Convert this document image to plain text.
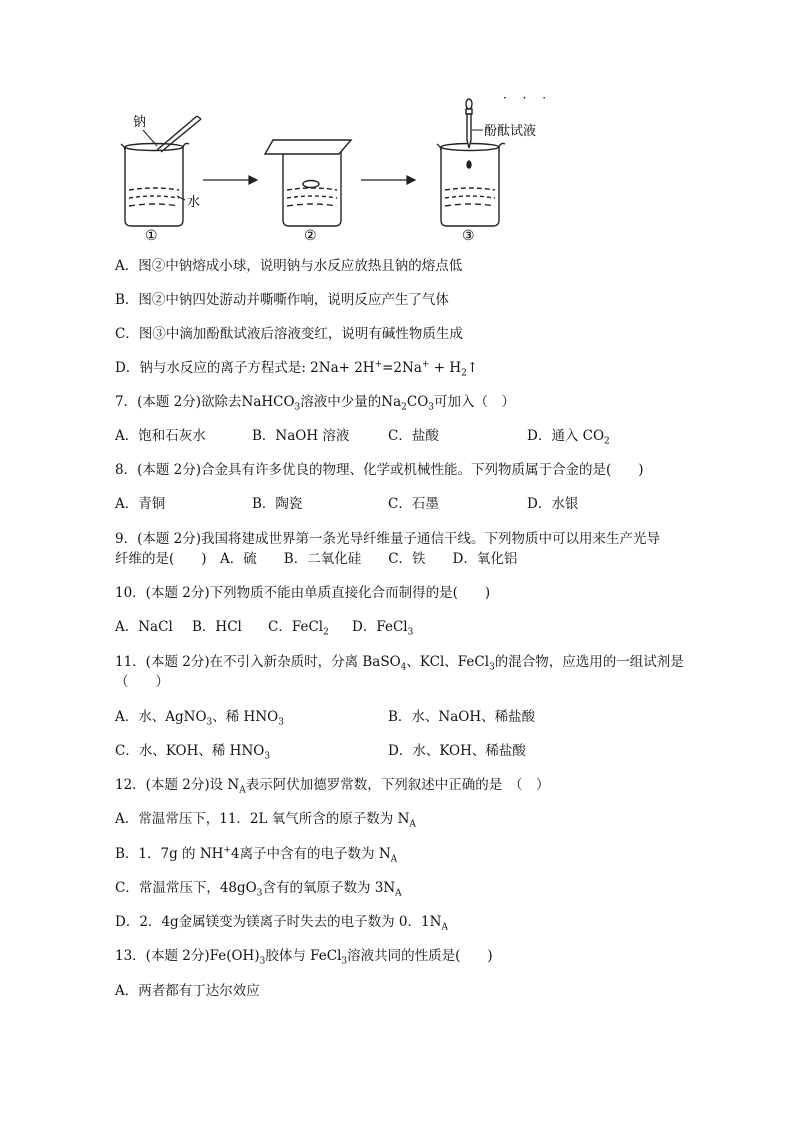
钠
水
①	②
酚酞试液
· · ·
③
A．图②中钠熔成小球，说明钠与水反应放热且钠的熔点低
B．图②中钠四处游动并嘶嘶作响，说明反应产生了气体
C．图③中滴加酚酞试液后溶液变红，说明有碱性物质生成
D．钠与水反应的离子方程式是: $2Na+ 2H^+=2Na^+ + H_2↑$
7．(本题 2分)欲除去NaHCO$_3$溶液中少量的$Na_2CO_3$可加入（　）
A．饱和石灰水	B．NaOH 溶液	C．盐酸	D．通入 $CO_2$
8．(本题 2分)合金具有许多优良的物理、化学或机械性能。下列物质属于合金的是(　　)
A．青铜	B．陶瓷	C．石墨	D．水银
9．(本题 2分)我国将建成世界第一条光导纤维量子通信干线。下列物质中可以用来生产光导
纤维的是(　　)　A．硫　　B．二氧化硅　　C．铁　　D．氧化铝
10．(本题 2分)下列物质不能由单质直接化合而制得的是(　　)
A．NaCl B．HCl C．FeCl$_2$ D．FeCl$_3$
11．(本题 2分)在不引入新杂质时，分离 BaSO$_4$、KCl、FeCl$_3$的混合物，应选用的一组试剂是
（　　）
A．水、AgNO$_3$、稀 $HNO_3$	B．水、NaOH、稀盐酸
C．水、KOH、稀 $HNO_3$	D．水、KOH、稀盐酸
12．(本题 2分)设 $N_A$表示阿伏加德罗常数，下列叙述中正确的是　（　）
A．常温常压下，11．2L 氧气所含的原子数为 $N_A$
B．1．7g 的 NH+4离子中含有的电子数为 $N_A$
C．常温常压下，$48gO_3$含有的氧原子数为 $3N_A$
D．2．4g金属镁变为镁离子时失去的电子数为 0．$1N_A$
13．(本题 2分)$Fe(OH)_3$胶体与 FeCl$_3$溶液共同的性质是(　　)
A．两者都有丁达尔效应
